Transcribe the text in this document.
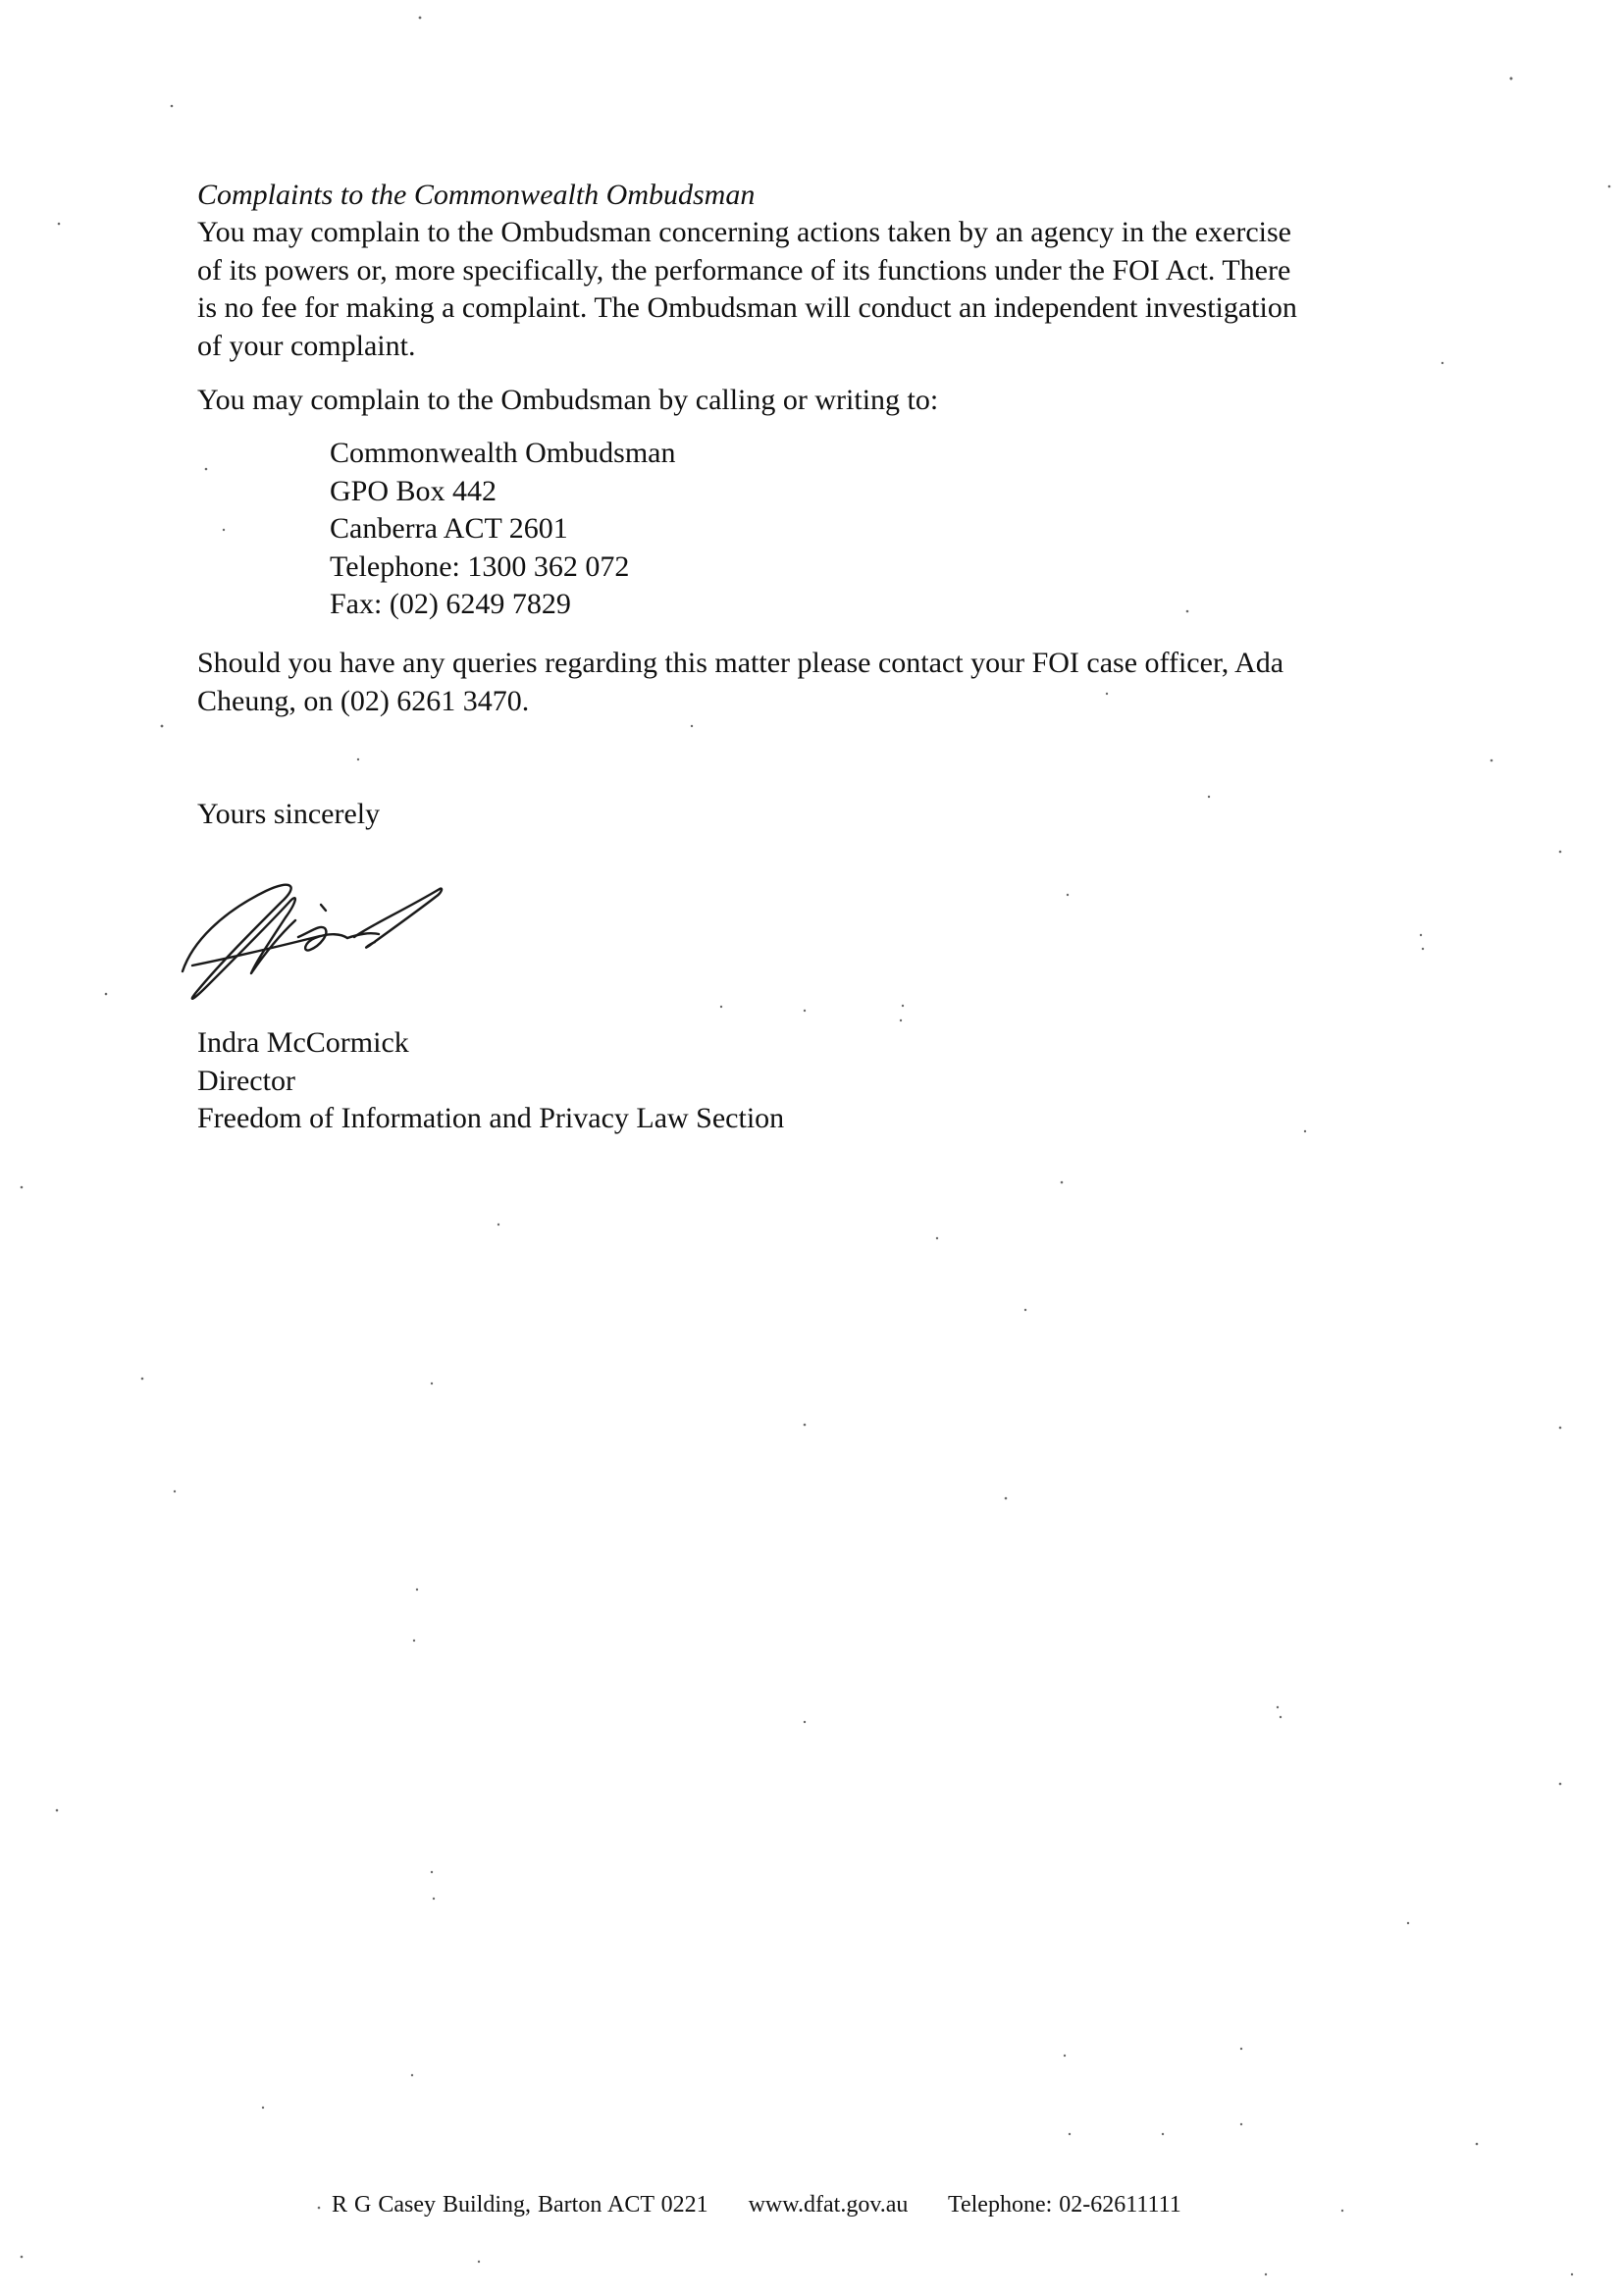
Complaints to the Commonwealth Ombudsman
You may complain to the Ombudsman concerning actions taken by an agency in the exercise
of its powers or, more specifically, the performance of its functions under the FOI Act. There
is no fee for making a complaint. The Ombudsman will conduct an independent investigation
of your complaint.
You may complain to the Ombudsman by calling or writing to:
Commonwealth Ombudsman
GPO Box 442
Canberra ACT 2601
Telephone: 1300 362 072
Fax: (02) 6249 7829
Should you have any queries regarding this matter please contact your FOI case officer, Ada
Cheung, on (02) 6261 3470.
Yours sincerely
Indra McCormick
Director
Freedom of Information and Privacy Law Section
R G Casey Building, Barton ACT 0221 www.dfat.gov.au Telephone: 02-62611111
